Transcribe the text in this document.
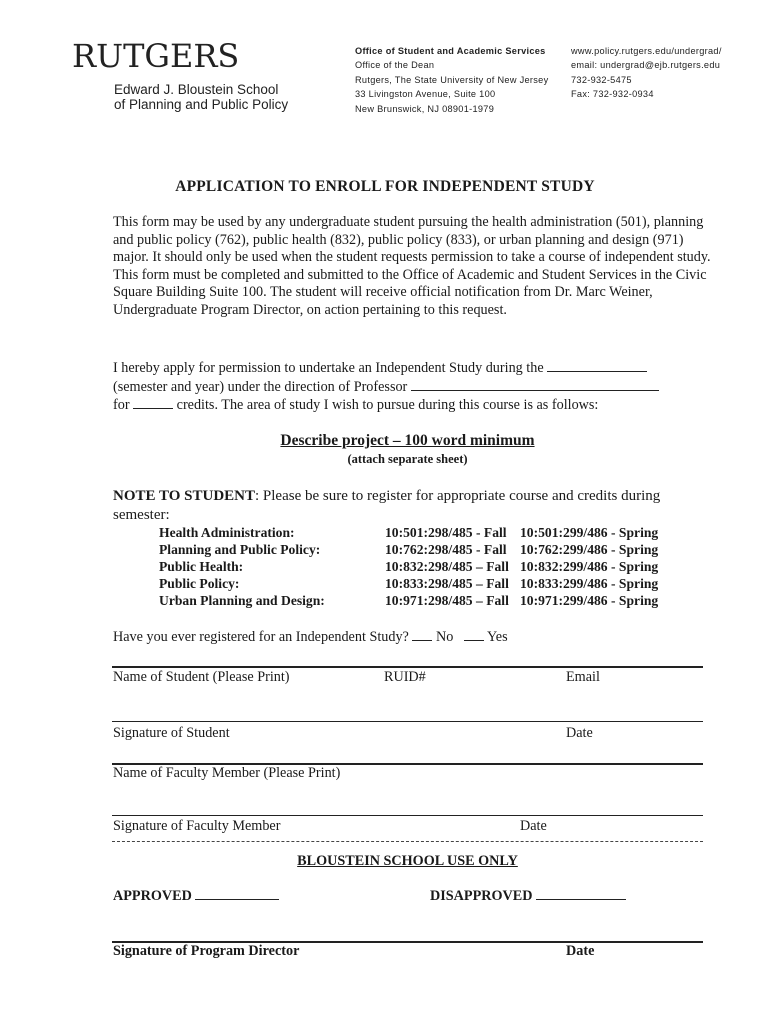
RUTGERS
Edward J. Bloustein School
of Planning and Public Policy
Office of Student and Academic Services
Office of the Dean
Rutgers, The State University of New Jersey
33 Livingston Avenue, Suite 100
New Brunswick, NJ 08901-1979
www.policy.rutgers.edu/undergrad/
email: undergrad@ejb.rutgers.edu
732-932-5475
Fax: 732-932-0934
APPLICATION TO ENROLL FOR INDEPENDENT STUDY
This form may be used by any undergraduate student pursuing the health administration (501), planning and public policy (762), public health (832), public policy (833), or urban planning and design (971) major. It should only be used when the student requests permission to take a course of independent study. This form must be completed and submitted to the Office of Academic and Student Services in the Civic Square Building Suite 100. The student will receive official notification from Dr. Marc Weiner, Undergraduate Program Director, on action pertaining to this request.
I hereby apply for permission to undertake an Independent Study during the
(semester and year) under the direction of Professor
for	credits. The area of study I wish to pursue during this course is as follows:
Describe project – 100 word minimum
(attach separate sheet)
NOTE TO STUDENT: Please be sure to register for appropriate course and credits during semester:
Health Administration:	10:501:298/485 - Fall 10:501:299/486 - Spring
Planning and Public Policy:	10:762:298/485 - Fall 10:762:299/486 - Spring
Public Health:	10:832:298/485 – Fall 10:832:299/486 - Spring
Public Policy:	10:833:298/485 – Fall 10:833:299/486 - Spring
Urban Planning and Design:	10:971:298/485 – Fall 10:971:299/486 - Spring
Have you ever registered for an Independent Study? No Yes
Name of Student (Please Print)	RUID#	Email
Signature of Student	Date
Name of Faculty Member (Please Print)
Signature of Faculty Member	Date
BLOUSTEIN SCHOOL USE ONLY
APPROVED	DISAPPROVED
Signature of Program Director	Date
